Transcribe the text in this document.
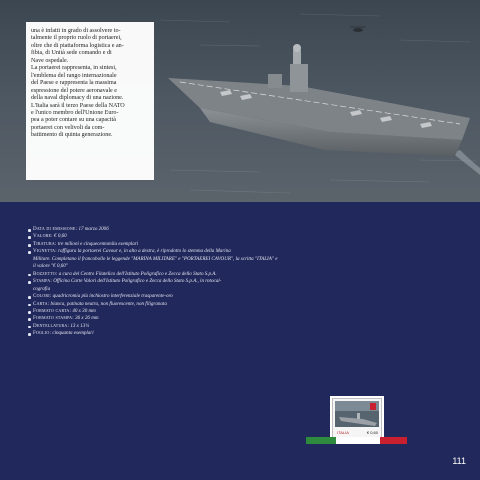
una è infatti in grado di assolvere to-

talmente il proprio ruolo di portaerei,

oltre che di piattaforma logistica e an-

fibia, di Unità sede comando e di

Nave ospedale.

La portaerei rappresenta, in sintesi,

l'emblema del rango internazionale

del Paese e rappresenta la massima

espressione del potere aeronavale e

della naval diplomacy di una nazione.

L'Italia sarà il terzo Paese della NATO

e l'unico membro dell'Unione Euro-

pea a poter contare su una capacità

portaerei con velivoli da com-

battimento di quinta generazione.

Data di emissione: 17 marzo 2006
Valore: € 0,60
Tiratura: tre milioni e cinquecentomila esemplari
Vignetta: raffigura la portaerei Cavour e, in alto a destra, è riprodotto lo stemma della Marina
Militare. Completano il francobollo le leggende "MARINA MILITARE" e "PORTAEREI CAVOUR", la scritta "ITALIA" e il valore "€ 0,60"
Bozzetto: a cura del Centro Filatelico dell'Istituto Poligrafico e Zecca dello Stato S.p.A.
Stampa: Officina Carte Valori dell'Istituto Poligrafico e Zecca dello Stato S.p.A., in rotocal-
cografia
Colori: quadricromia più inchiostro interferenziale trasparente-oro
Carta: bianca, patinata neutra, non fluorescente, non filigranata
Formato carta: 40 x 30 mm
Formato stampa: 36 x 26 mm
Dentellatura: 13 x 13¼
Foglio: cinquanta esemplari
ITALIA	€ 0,60
111
